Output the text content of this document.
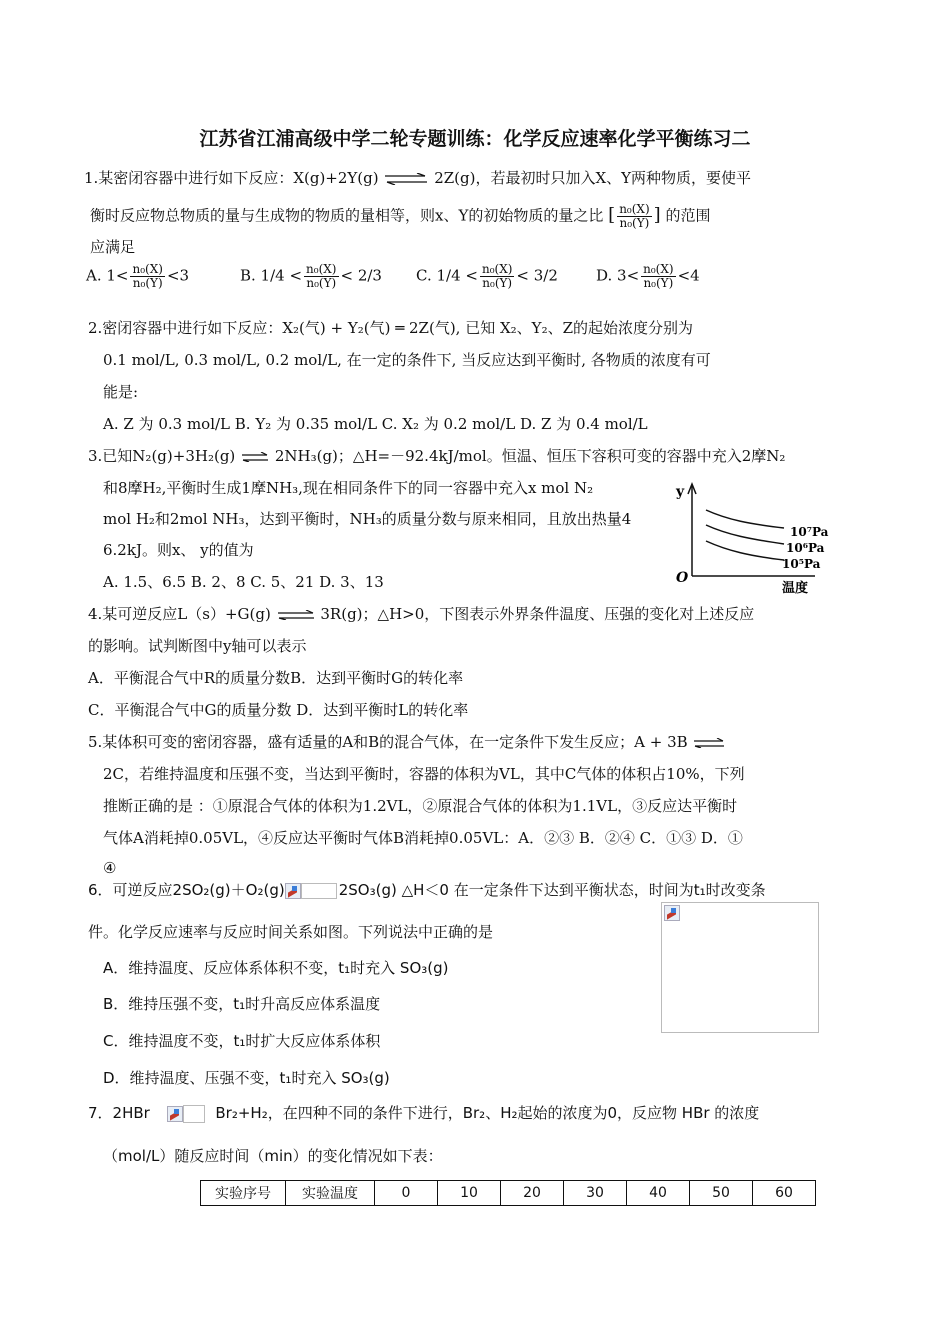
江苏省江浦高级中学二轮专题训练：化学反应速率化学平衡练习二
1.某密闭容器中进行如下反应：X(g)+2Y(g) ⇌ 2Z(g)，若最初时只加入X、Y两种物质，要使平
衡时反应物总物质的量与生成物的物质的量相等，则x、Y的初始物质的量之比 [ $\frac{\text{n₀(X)}}{\text{n₀(Y)}}$ ] 的范围
应满足
A. $1< \frac{\text{n₀(X)}}{\text{n₀(Y)}} <3$	B. $1/4 < \frac{\text{n₀(X)}}{\text{n₀(Y)}} < 2/3$ C. $1/4 < \frac{\text{n₀(X)}}{\text{n₀(Y)}} < 3/2$	D. $3< \frac{\text{n₀(X)}}{\text{n₀(Y)}} <4$
2.密闭容器中进行如下反应：X₂(气) + Y₂(气) ═ 2Z(气), 已知 X₂、Y₂、Z的起始浓度分别为
0.1 mol/L, 0.3 mol/L, 0.2 mol/L, 在一定的条件下, 当反应达到平衡时, 各物质的浓度有可
能是:
A. Z 为 0.3 mol/L B. Y₂ 为 0.35 mol/L C. X₂ 为 0.2 mol/L D. Z 为 0.4 mol/L
3.已知N₂(g)+3H₂(g) ⇌ 2NH₃(g)；△H=－92.4kJ/mol。恒温、恒压下容积可变的容器中充入2摩N₂
和8摩H₂,平衡时生成1摩NH₃,现在相同条件下的同一容器中充入x mol N₂
mol H₂和2mol NH₃，达到平衡时，NH₃的质量分数与原来相同，且放出热量4
6.2kJ。则x、 y的值为
A. 1.5、6.5 B. 2、8 C. 5、21 D. 3、13
y
O
温度
10⁷Pa
10⁶Pa
10⁵Pa
4.某可逆反应L（s）+G(g) ⇌ 3R(g)；△H>0，下图表示外界条件温度、压强的变化对上述反应
的影响。试判断图中y轴可以表示
A．平衡混合气中R的质量分数B．达到平衡时G的转化率
C．平衡混合气中G的质量分数 D．达到平衡时L的转化率
5.某体积可变的密闭容器，盛有适量的A和B的混合气体，在一定条件下发生反应；A + 3B ⇌
2C，若维持温度和压强不变，当达到平衡时，容器的体积为VL，其中C气体的体积占10%，下列
推断正确的是 ：①原混合气体的体积为1.2VL，②原混合气体的体积为1.1VL，③反应达平衡时
气体A消耗掉0.05VL，④反应达平衡时气体B消耗掉0.05VL：A．②③ B．②④ C．①③ D．①
④
6．可逆反应2SO₂(g)＋O₂(g)	2SO₃(g) △H＜0 在一定条件下达到平衡状态，时间为t₁时改变条
件。化学反应速率与反应时间关系如图。下列说法中正确的是
A．维持温度、反应体系体积不变，t₁时充入 SO₃(g)
B．维持压强不变，t₁时升高反应体系温度
C．维持温度不变，t₁时扩大反应体系体积
D．维持温度、压强不变，t₁时充入 SO₃(g)
7．2HBr	Br₂+H₂，在四种不同的条件下进行，Br₂、H₂起始的浓度为0，反应物 HBr 的浓度
（mol/L）随反应时间（min）的变化情况如下表：
实验序号	实验温度	0	10	20	30	40	50	60
